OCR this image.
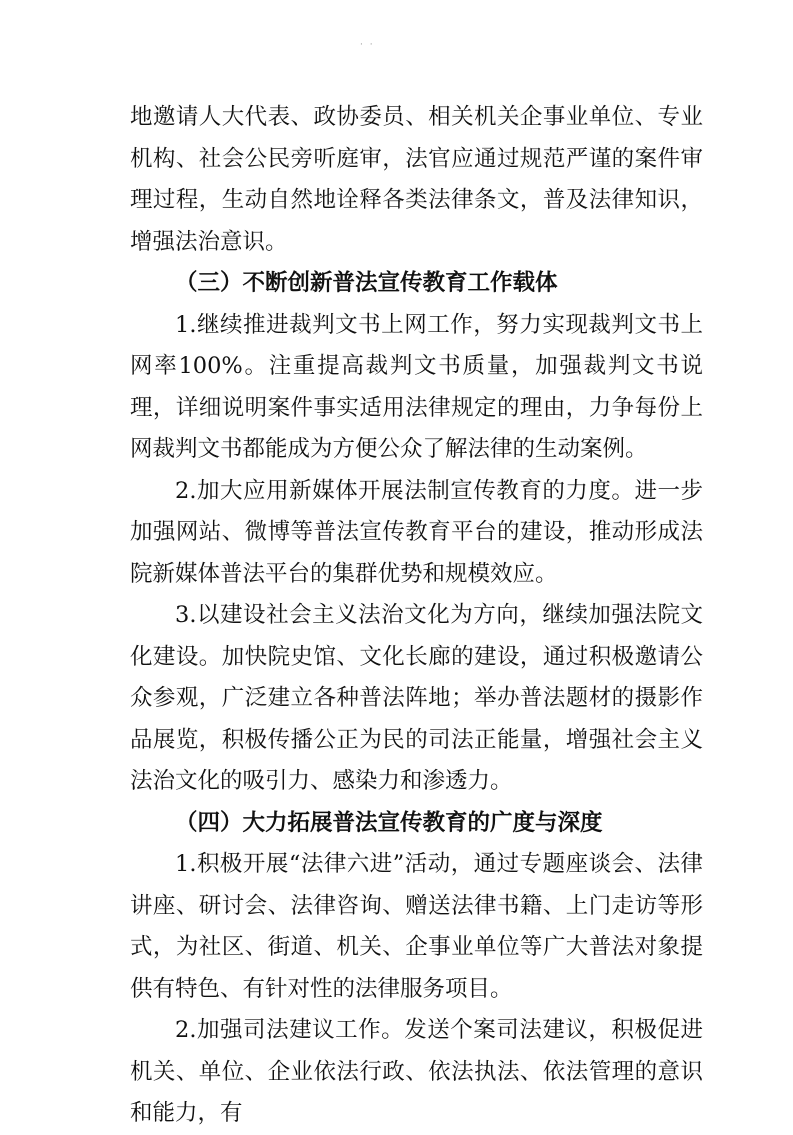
· ·

地邀请人大代表、政协委员、相关机关企事业单位、专业机构、社会公民旁听庭审，法官应通过规范严谨的案件审理过程，生动自然地诠释各类法律条文，普及法律知识，增强法治意识。

（三）不断创新普法宣传教育工作载体

1.继续推进裁判文书上网工作，努力实现裁判文书上网率100%。注重提高裁判文书质量，加强裁判文书说理，详细说明案件事实适用法律规定的理由，力争每份上网裁判文书都能成为方便公众了解法律的生动案例。

2.加大应用新媒体开展法制宣传教育的力度。进一步加强网站、微博等普法宣传教育平台的建设，推动形成法院新媒体普法平台的集群优势和规模效应。

3.以建设社会主义法治文化为方向，继续加强法院文化建设。加快院史馆、文化长廊的建设，通过积极邀请公众参观，广泛建立各种普法阵地；举办普法题材的摄影作品展览，积极传播公正为民的司法正能量，增强社会主义法治文化的吸引力、感染力和渗透力。

（四）大力拓展普法宣传教育的广度与深度

1.积极开展“法律六进”活动，通过专题座谈会、法律讲座、研讨会、法律咨询、赠送法律书籍、上门走访等形式，为社区、街道、机关、企事业单位等广大普法对象提供有特色、有针对性的法律服务项目。

2.加强司法建议工作。发送个案司法建议，积极促进机关、单位、企业依法行政、依法执法、依法管理的意识和能力，有
